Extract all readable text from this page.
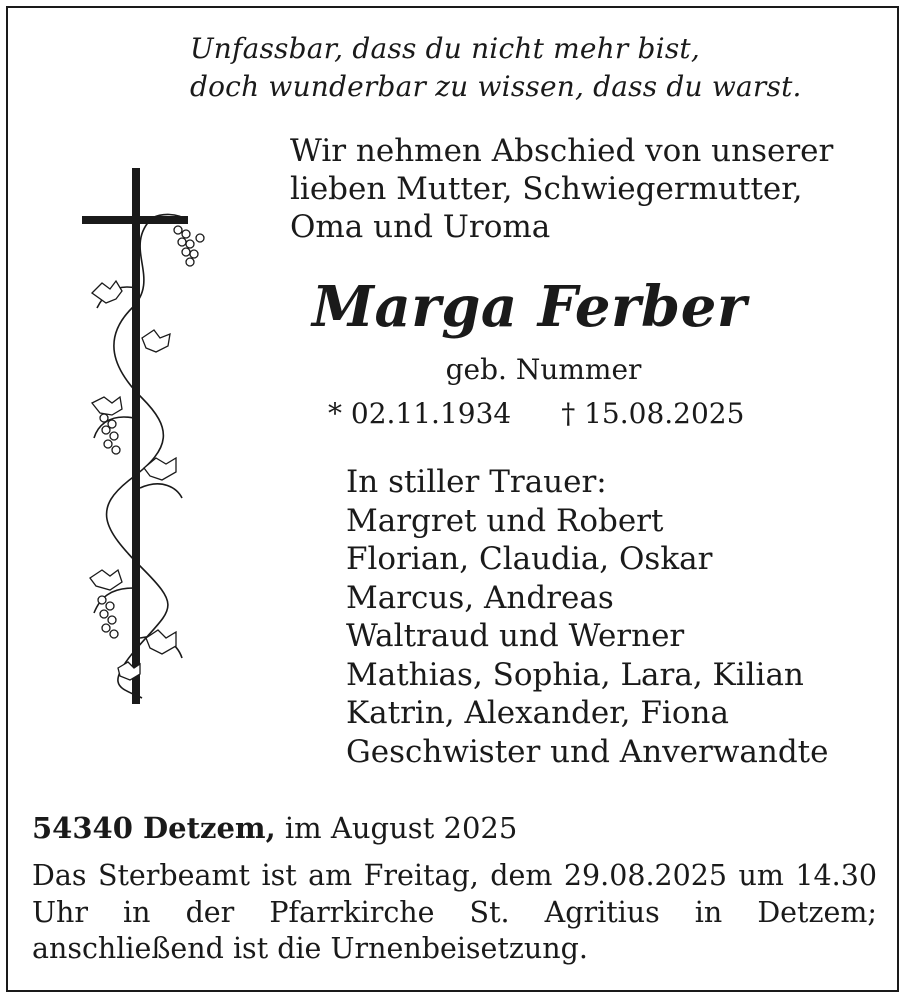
Unfassbar, dass du nicht mehr bist,
doch wunderbar zu wissen, dass du warst.
Wir nehmen Abschied von unserer
lieben Mutter, Schwiegermutter,
Oma und Uroma
Marga Ferber
geb. Nummer
* 02.11.1934 † 15.08.2025
In stiller Trauer:
Margret und Robert
Florian, Claudia, Oskar
Marcus, Andreas
Waltraud und Werner
Mathias, Sophia, Lara, Kilian
Katrin, Alexander, Fiona
Geschwister und Anverwandte
54340 Detzem, im August 2025
Das Sterbeamt ist am Freitag, dem 29.08.2025 um 14.30 Uhr in der Pfarrkirche St. Agritius in Detzem; anschließend ist die Urnenbeisetzung.
